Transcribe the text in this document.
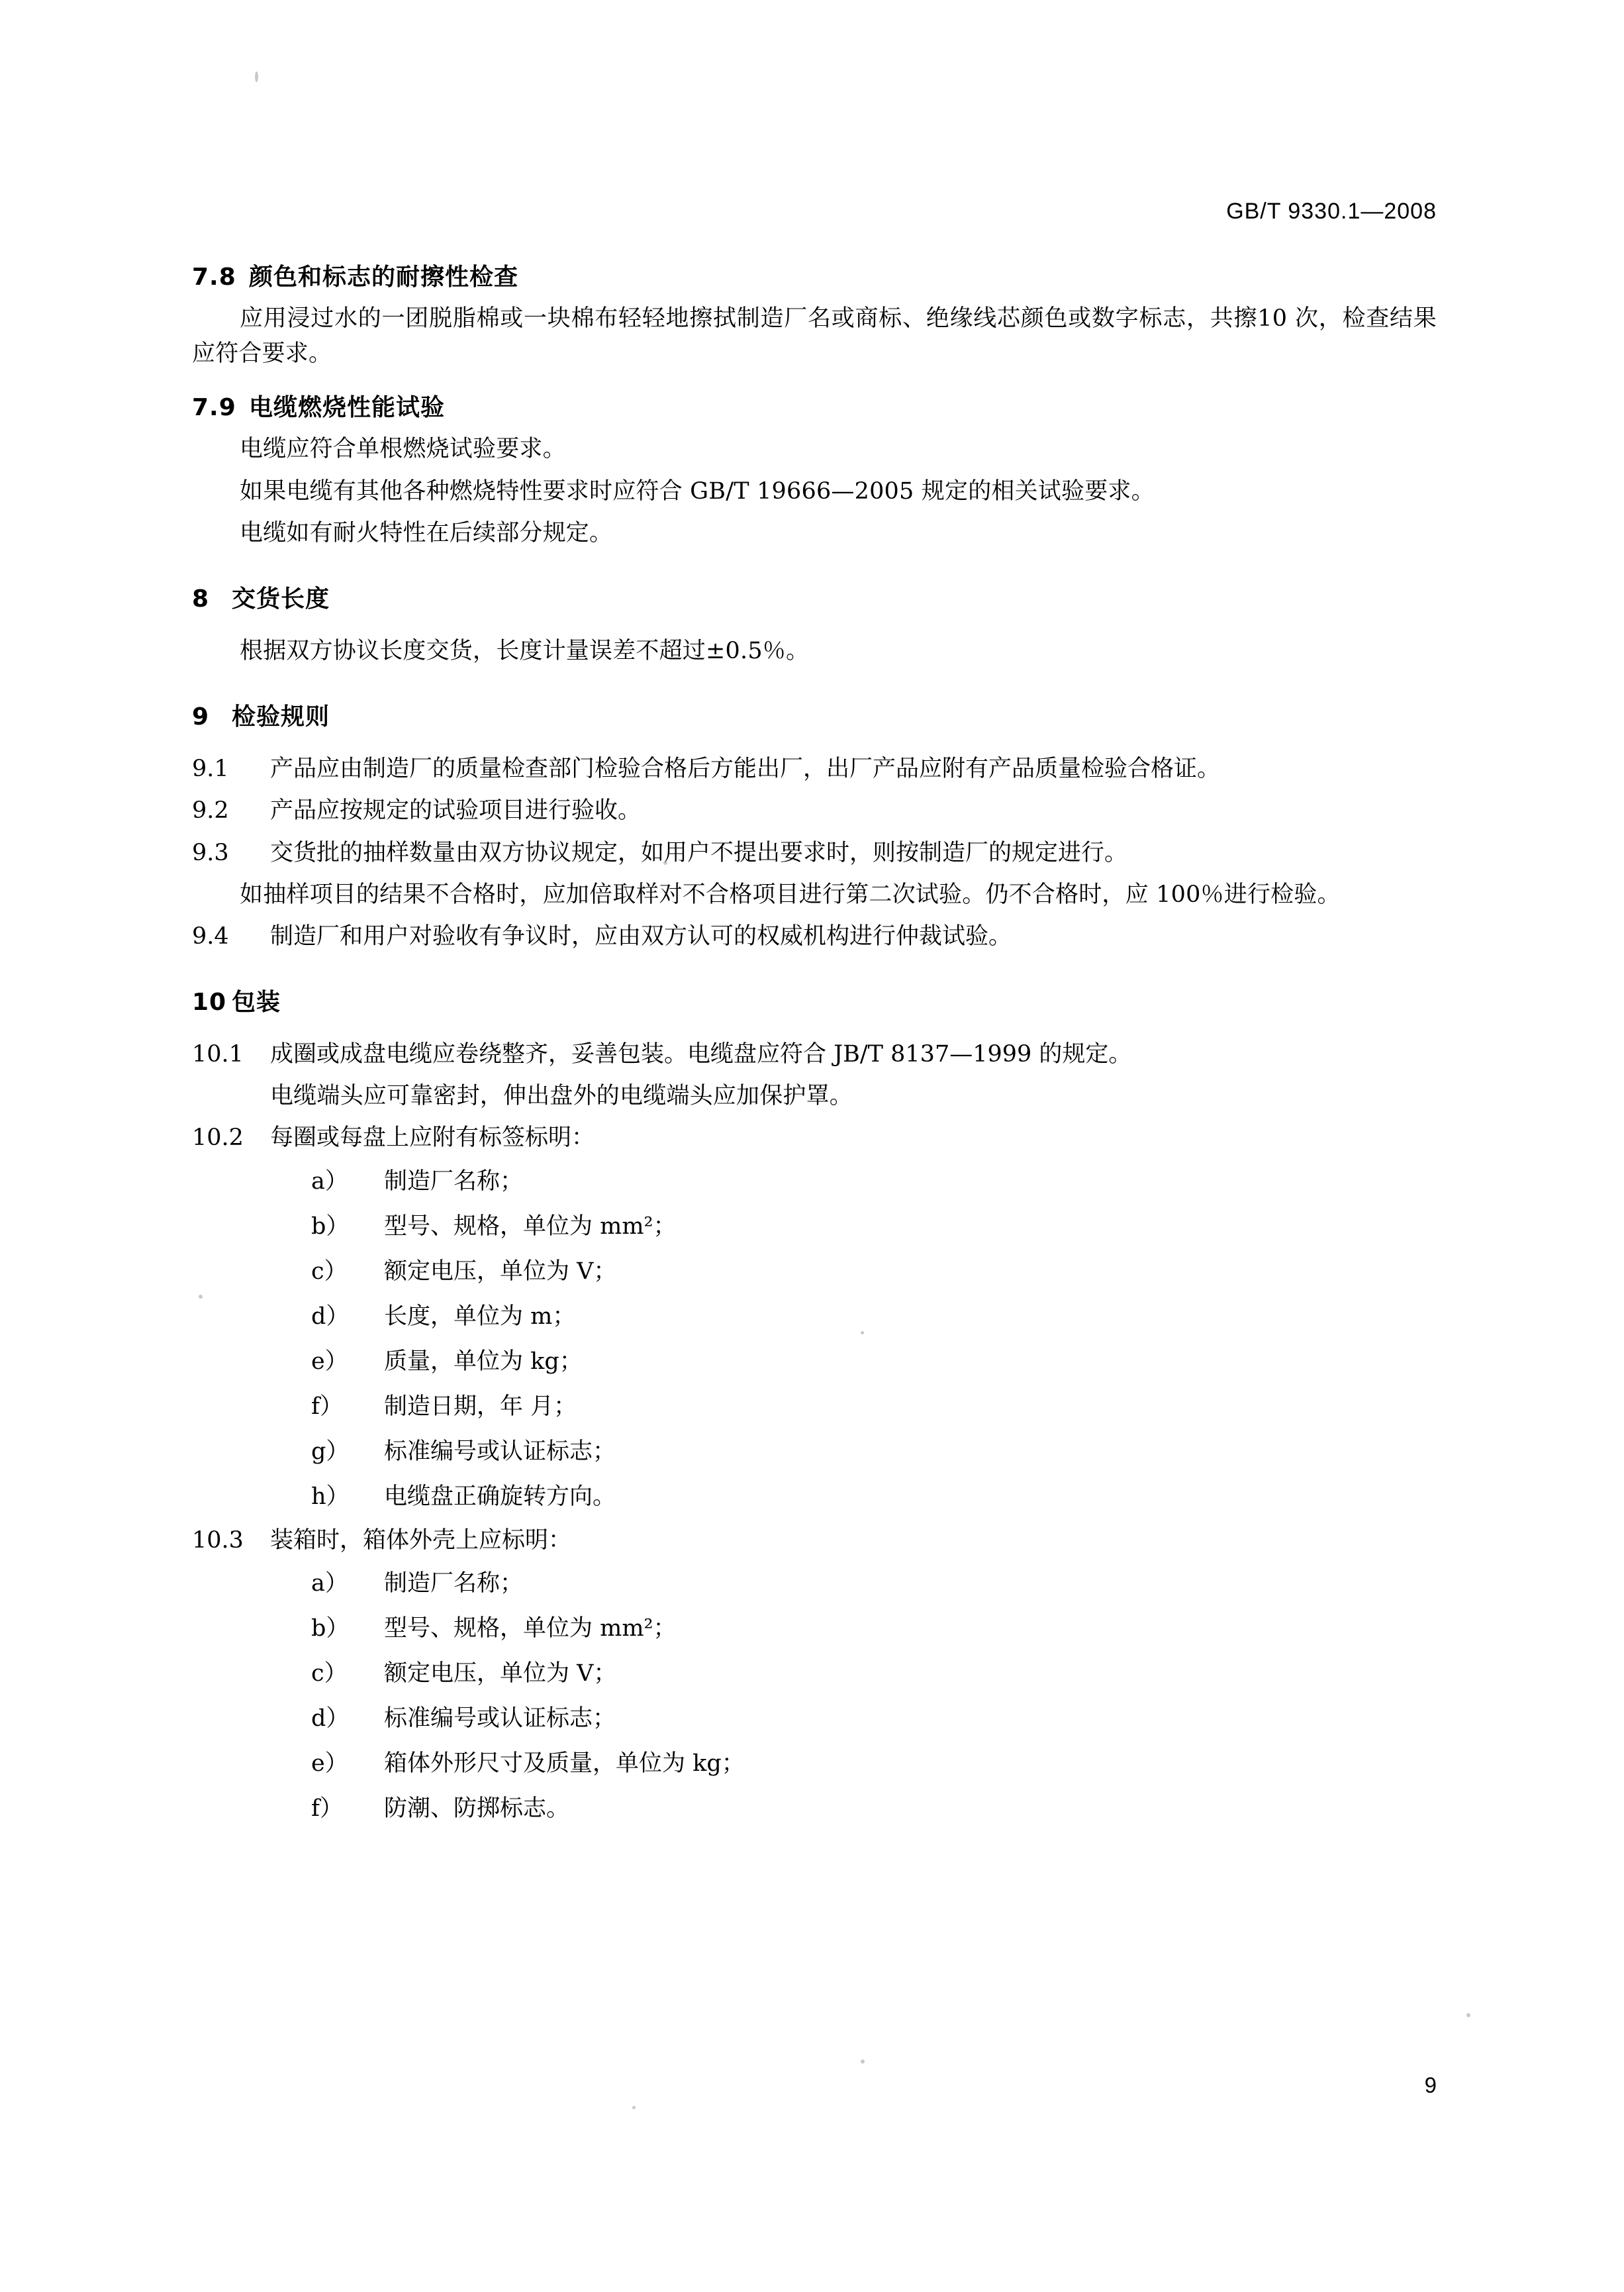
GB/T 9330.1—2008
7.8 颜色和标志的耐擦性检查

应用浸过水的一团脱脂棉或一块棉布轻轻地擦拭制造厂名或商标、绝缘线芯颜色或数字标志，共擦10 次，检查结果应符合要求。

7.9 电缆燃烧性能试验

电缆应符合单根燃烧试验要求。

如果电缆有其他各种燃烧特性要求时应符合 GB/T 19666—2005 规定的相关试验要求。

电缆如有耐火特性在后续部分规定。

8 交货长度

根据双方协议长度交货，长度计量误差不超过±0.5％。

9 检验规则
9.1	产品应由制造厂的质量检查部门检验合格后方能出厂，出厂产品应附有产品质量检验合格证。
9.2	产品应按规定的试验项目进行验收。
9.3	交货批的抽样数量由双方协议规定，如用户不提出要求时，则按制造厂的规定进行。

如抽样项目的结果不合格时，应加倍取样对不合格项目进行第二次试验。仍不合格时，应 100％进行检验。

9.4	制造厂和用户对验收有争议时，应由双方认可的权威机构进行仲裁试验。
10 包装
10.1	成圈或成盘电缆应卷绕整齐，妥善包装。电缆盘应符合 JB/T 8137—1999 的规定。

电缆端头应可靠密封，伸出盘外的电缆端头应加保护罩。

10.2	每圈或每盘上应附有标签标明：
a）	制造厂名称；
b）	型号、规格，单位为 mm²；
c）	额定电压，单位为 V；
d）	长度，单位为 m；
e）	质量，单位为 kg；
f）	制造日期，年 月；
g）	标准编号或认证标志；
h）	电缆盘正确旋转方向。
10.3	装箱时，箱体外壳上应标明：
a）	制造厂名称；
b）	型号、规格，单位为 mm²；
c）	额定电压，单位为 V；
d）	标准编号或认证标志；
e）	箱体外形尺寸及质量，单位为 kg；
f）	防潮、防掷标志。
9
